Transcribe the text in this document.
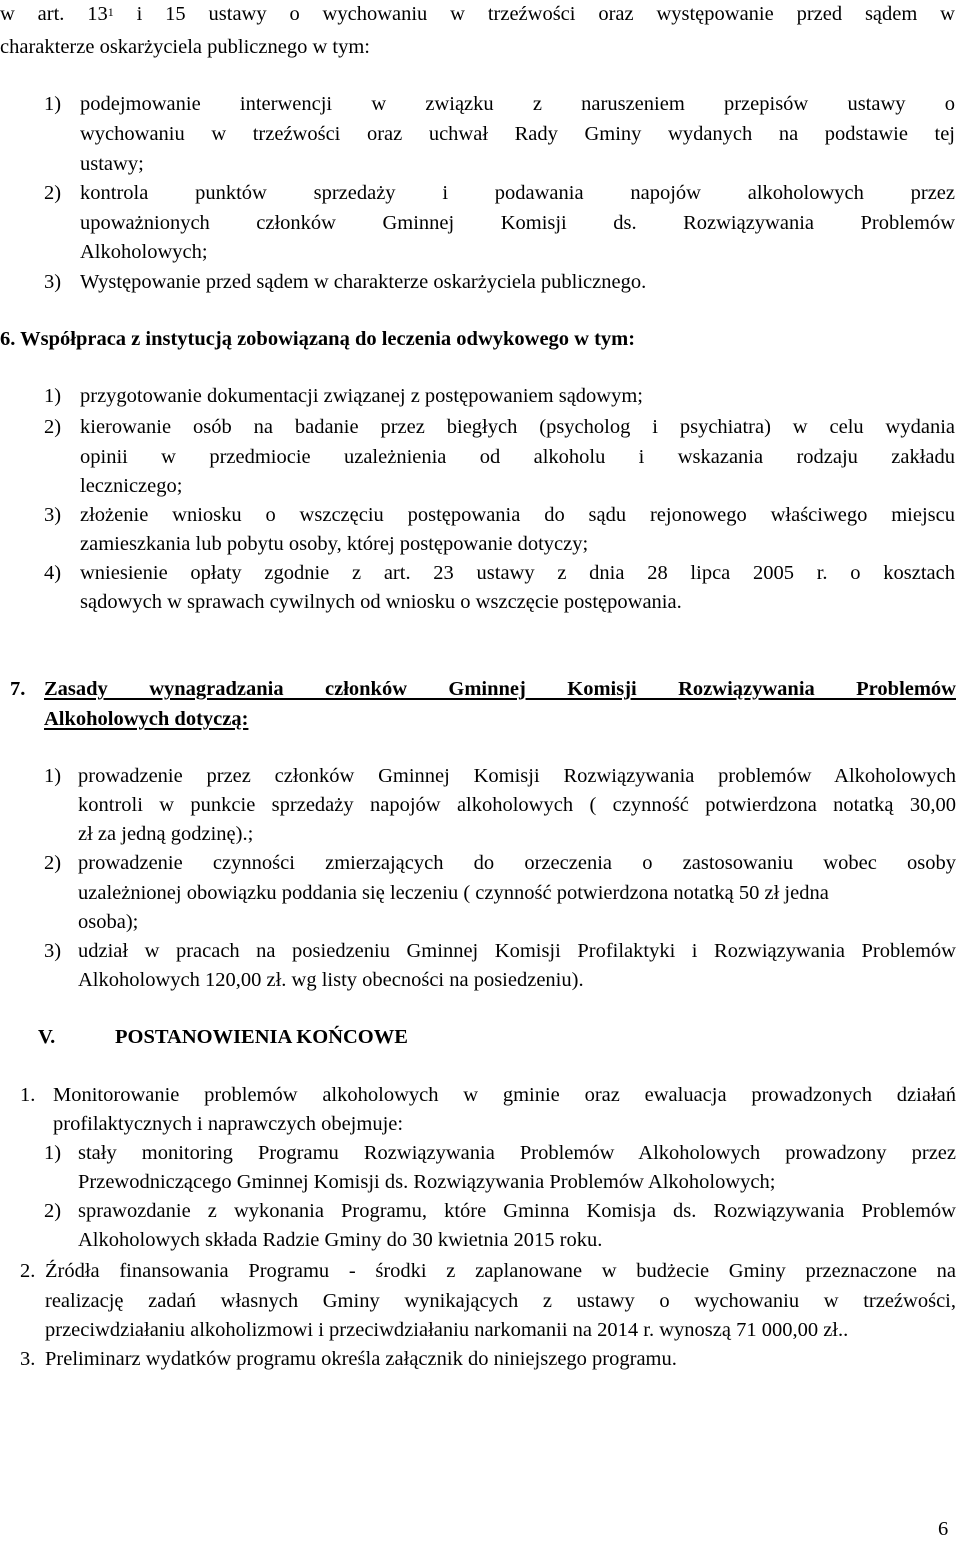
w art. $13^1$ i 15 ustawy o wychowaniu w trzeźwości oraz występowanie przed sądem w
charakterze oskarżyciela publicznego w tym:
1) podejmowanie interwencji w związku z naruszeniem przepisów ustawy o
wychowaniu w trzeźwości oraz uchwał Rady Gminy wydanych na podstawie tej
ustawy;
2) kontrola punktów sprzedaży i podawania napojów alkoholowych przez
upoważnionych członków Gminnej Komisji ds. Rozwiązywania Problemów
Alkoholowych;
3) Występowanie przed sądem w charakterze oskarżyciela publicznego.
6. Współpraca z instytucją zobowiązaną do leczenia odwykowego w tym:
1) przygotowanie dokumentacji związanej z postępowaniem sądowym;
2) kierowanie osób na badanie przez biegłych (psycholog i psychiatra) w celu wydania
opinii w przedmiocie uzależnienia od alkoholu i wskazania rodzaju zakładu
leczniczego;
3) złożenie wniosku o wszczęciu postępowania do sądu rejonowego właściwego miejscu
zamieszkania lub pobytu osoby, której postępowanie dotyczy;
4) wniesienie opłaty zgodnie z art. 23 ustawy z dnia 28 lipca 2005 r. o kosztach
sądowych w sprawach cywilnych od wniosku o wszczęcie postępowania.
7. Zasady wynagradzania członków Gminnej Komisji Rozwiązywania Problemów
Alkoholowych dotyczą:
1) prowadzenie przez członków Gminnej Komisji Rozwiązywania problemów Alkoholowych
kontroli w punkcie sprzedaży napojów alkoholowych ( czynność potwierdzona notatką 30,00
zł za jedną godzinę).;
2) prowadzenie czynności zmierzających do orzeczenia o zastosowaniu wobec osoby
uzależnionej obowiązku poddania się leczeniu ( czynność potwierdzona notatką 50 zł jedna
osoba);
3) udział w pracach na posiedzeniu Gminnej Komisji Profilaktyki i Rozwiązywania Problemów
Alkoholowych 120,00 zł. wg listy obecności na posiedzeniu).
V.	POSTANOWIENIA KOŃCOWE
1. Monitorowanie problemów alkoholowych w gminie oraz ewaluacja prowadzonych działań
profilaktycznych i naprawczych obejmuje:
1) stały monitoring Programu Rozwiązywania Problemów Alkoholowych prowadzony przez
Przewodniczącego Gminnej Komisji ds. Rozwiązywania Problemów Alkoholowych;
2) sprawozdanie z wykonania Programu, które Gminna Komisja ds. Rozwiązywania Problemów
Alkoholowych składa Radzie Gminy do 30 kwietnia 2015 roku.
2. Źródła finansowania Programu - środki z zaplanowane w budżecie Gminy przeznaczone na
realizację zadań własnych Gminy wynikających z ustawy o wychowaniu w trzeźwości,
przeciwdziałaniu alkoholizmowi i przeciwdziałaniu narkomanii na 2014 r. wynoszą 71 000,00 zł..
3. Preliminarz wydatków programu określa załącznik do niniejszego programu.
6
